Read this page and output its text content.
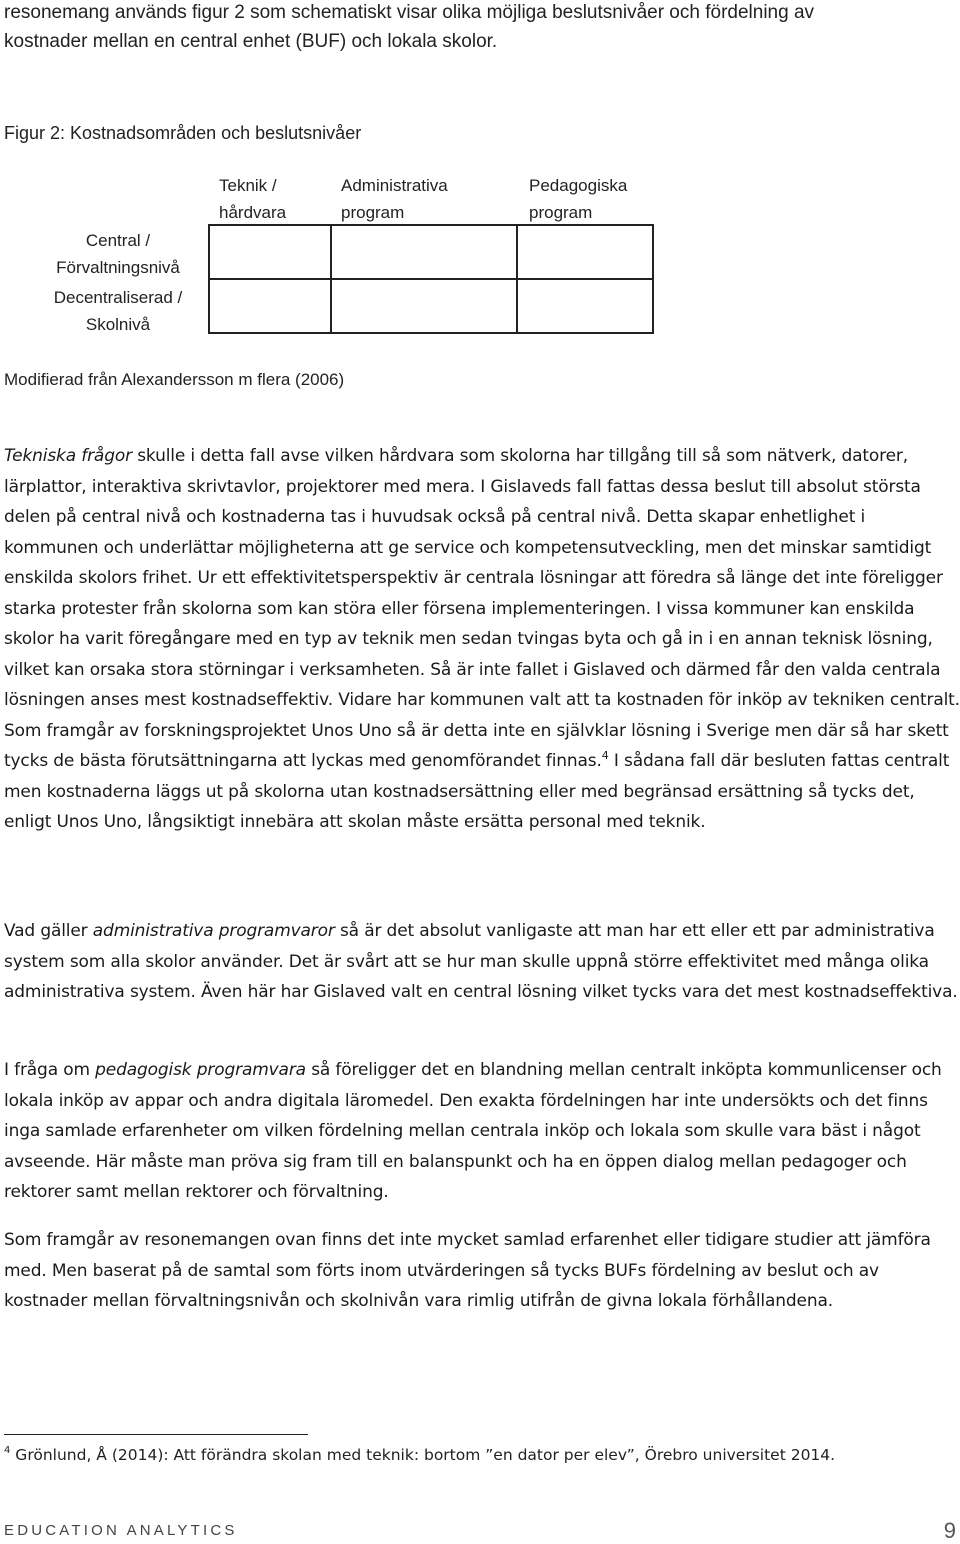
resonemang används figur 2 som schematiskt visar olika möjliga beslutsnivåer och fördelning av
kostnader mellan en central enhet (BUF) och lokala skolor.
Figur 2: Kostnadsområden och beslutsnivåer
Teknik /
hårdvara
Administrativa
program
Pedagogiska
program
Central /
Förvaltningsnivå
Decentraliserad /
Skolnivå
Modifierad från Alexandersson m flera (2006)

Tekniska frågor skulle i detta fall avse vilken hårdvara som skolorna har tillgång till så som nätverk, datorer, lärplattor, interaktiva skrivtavlor, projektorer med mera. I Gislaveds fall fattas dessa beslut till absolut största delen på central nivå och kostnaderna tas i huvudsak också på central nivå. Detta skapar enhetlighet i kommunen och underlättar möjligheterna att ge service och kompetensutveckling, men det minskar samtidigt enskilda skolors frihet. Ur ett effektivitetsperspektiv är centrala lösningar att föredra så länge det inte föreligger starka protester från skolorna som kan störa eller försena implementeringen. I vissa kommuner kan enskilda skolor ha varit föregångare med en typ av teknik men sedan tvingas byta och gå in i en annan teknisk lösning, vilket kan orsaka stora störningar i verksamheten. Så är inte fallet i Gislaved och därmed får den valda centrala lösningen anses mest kostnadseffektiv. Vidare har kommunen valt att ta kostnaden för inköp av tekniken centralt. Som framgår av forskningsprojektet Unos Uno så är detta inte en självklar lösning i Sverige men där så har skett tycks de bästa förutsättningarna att lyckas med genomförandet finnas.$^4$ I sådana fall där besluten fattas centralt men kostnaderna läggs ut på skolorna utan kostnadsersättning eller med begränsad ersättning så tycks det, enligt Unos Uno, långsiktigt innebära att skolan måste ersätta personal med teknik.

Vad gäller administrativa programvaror så är det absolut vanligaste att man har ett eller ett par administrativa system som alla skolor använder. Det är svårt att se hur man skulle uppnå större effektivitet med många olika administrativa system. Även här har Gislaved valt en central lösning vilket tycks vara det mest kostnadseffektiva.

I fråga om pedagogisk programvara så föreligger det en blandning mellan centralt inköpta kommunlicenser och lokala inköp av appar och andra digitala läromedel. Den exakta fördelningen har inte undersökts och det finns inga samlade erfarenheter om vilken fördelning mellan centrala inköp och lokala som skulle vara bäst i något avseende. Här måste man pröva sig fram till en balanspunkt och ha en öppen dialog mellan pedagoger och rektorer samt mellan rektorer och förvaltning.

Som framgår av resonemangen ovan finns det inte mycket samlad erfarenhet eller tidigare studier att jämföra med. Men baserat på de samtal som förts inom utvärderingen så tycks BUFs fördelning av beslut och av kostnader mellan förvaltningsnivån och skolnivån vara rimlig utifrån de givna lokala förhållandena.

$^4$ Grönlund, Å (2014): Att förändra skolan med teknik: bortom ”en dator per elev”, Örebro universitet 2014.
EDUCATION ANALYTICS	9
